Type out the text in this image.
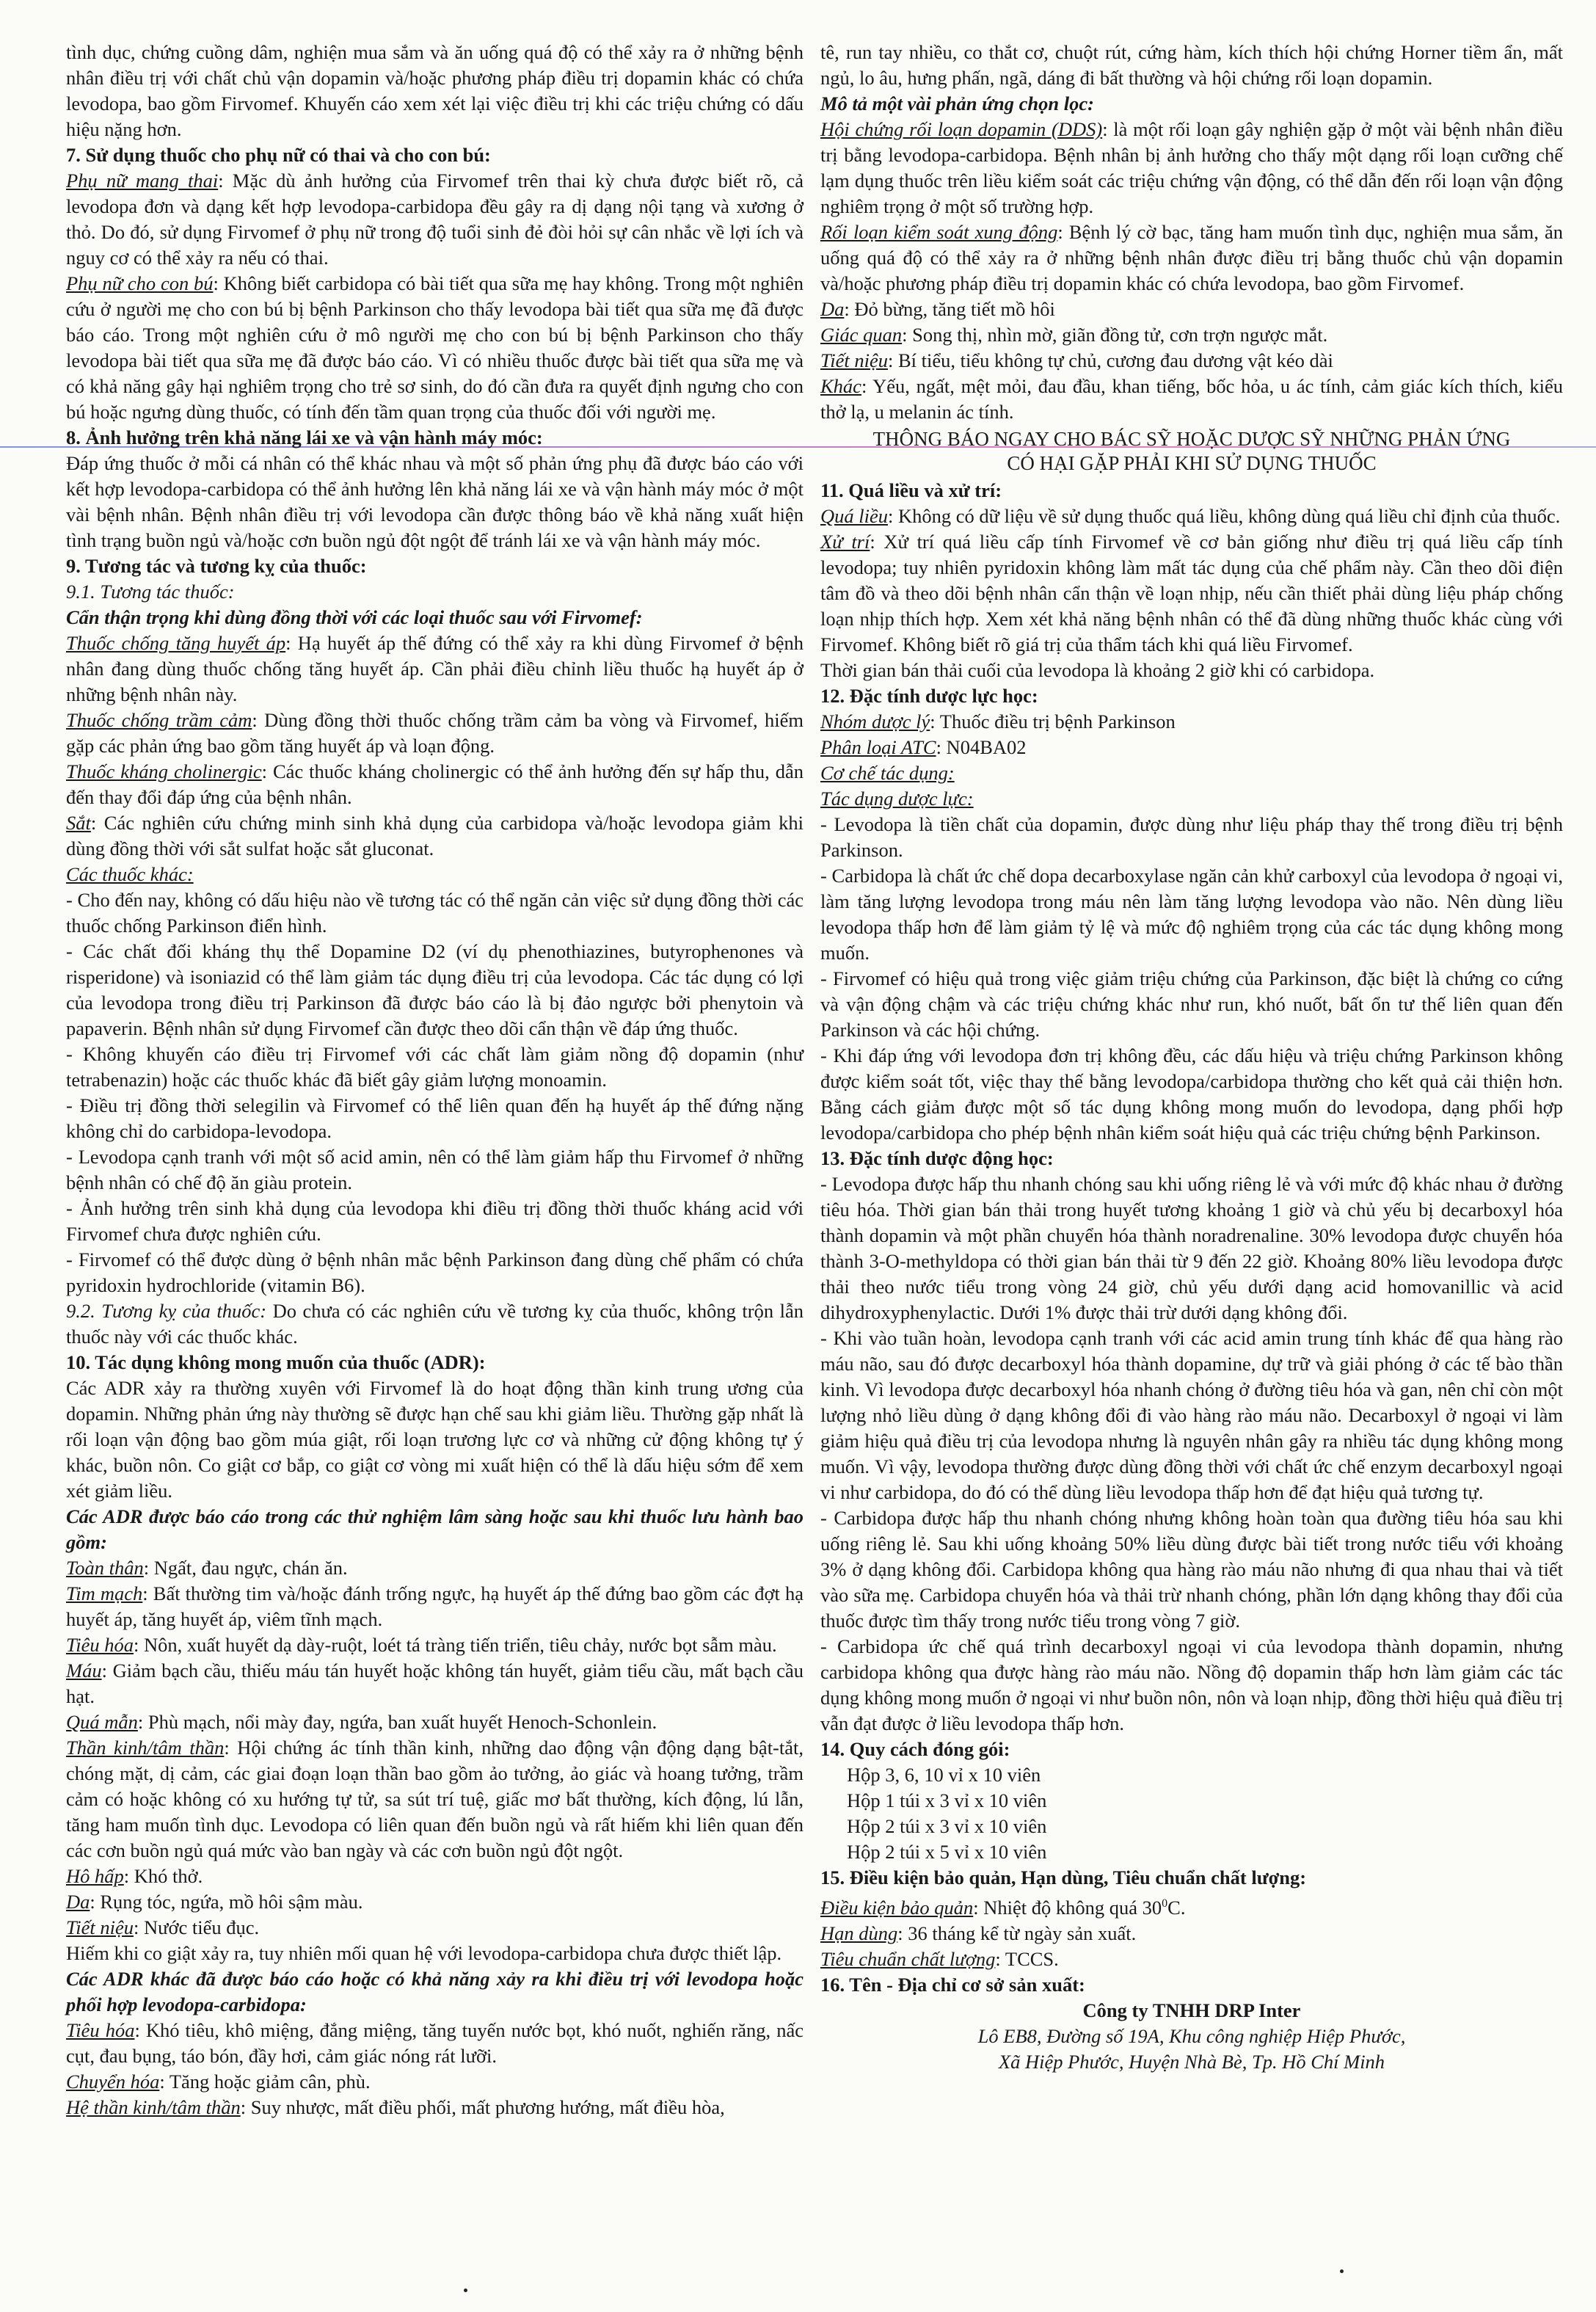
tình dục, chứng cuồng dâm, nghiện mua sắm và ăn uống quá độ có thể xảy ra ở những bệnh nhân điều trị với chất chủ vận dopamin và/hoặc phương pháp điều trị dopamin khác có chứa levodopa, bao gồm Firvomef. Khuyến cáo xem xét lại việc điều trị khi các triệu chứng có dấu hiệu nặng hơn.

7. Sử dụng thuốc cho phụ nữ có thai và cho con bú:

Phụ nữ mang thai: Mặc dù ảnh hưởng của Firvomef trên thai kỳ chưa được biết rõ, cả levodopa đơn và dạng kết hợp levodopa-carbidopa đều gây ra dị dạng nội tạng và xương ở thỏ. Do đó, sử dụng Firvomef ở phụ nữ trong độ tuổi sinh đẻ đòi hỏi sự cân nhắc về lợi ích và nguy cơ có thể xảy ra nếu có thai.

Phụ nữ cho con bú: Không biết carbidopa có bài tiết qua sữa mẹ hay không. Trong một nghiên cứu ở người mẹ cho con bú bị bệnh Parkinson cho thấy levodopa bài tiết qua sữa mẹ đã được báo cáo. Trong một nghiên cứu ở mô người mẹ cho con bú bị bệnh Parkinson cho thấy levodopa bài tiết qua sữa mẹ đã được báo cáo. Vì có nhiều thuốc được bài tiết qua sữa mẹ và có khả năng gây hại nghiêm trọng cho trẻ sơ sinh, do đó cần đưa ra quyết định ngưng cho con bú hoặc ngưng dùng thuốc, có tính đến tầm quan trọng của thuốc đối với người mẹ.

8. Ảnh hưởng trên khả năng lái xe và vận hành máy móc:

Đáp ứng thuốc ở mỗi cá nhân có thể khác nhau và một số phản ứng phụ đã được báo cáo với kết hợp levodopa-carbidopa có thể ảnh hưởng lên khả năng lái xe và vận hành máy móc ở một vài bệnh nhân. Bệnh nhân điều trị với levodopa cần được thông báo về khả năng xuất hiện tình trạng buồn ngủ và/hoặc cơn buồn ngủ đột ngột để tránh lái xe và vận hành máy móc.

9. Tương tác và tương kỵ của thuốc:

9.1. Tương tác thuốc:

Cẩn thận trọng khi dùng đồng thời với các loại thuốc sau với Firvomef:

Thuốc chống tăng huyết áp: Hạ huyết áp thế đứng có thể xảy ra khi dùng Firvomef ở bệnh nhân đang dùng thuốc chống tăng huyết áp. Cần phải điều chỉnh liều thuốc hạ huyết áp ở những bệnh nhân này.

Thuốc chống trầm cảm: Dùng đồng thời thuốc chống trầm cảm ba vòng và Firvomef, hiếm gặp các phản ứng bao gồm tăng huyết áp và loạn động.

Thuốc kháng cholinergic: Các thuốc kháng cholinergic có thể ảnh hưởng đến sự hấp thu, dẫn đến thay đổi đáp ứng của bệnh nhân.

Sắt: Các nghiên cứu chứng minh sinh khả dụng của carbidopa và/hoặc levodopa giảm khi dùng đồng thời với sắt sulfat hoặc sắt gluconat.

Các thuốc khác:

- Cho đến nay, không có dấu hiệu nào về tương tác có thể ngăn cản việc sử dụng đồng thời các thuốc chống Parkinson điển hình.

- Các chất đối kháng thụ thể Dopamine D2 (ví dụ phenothiazines, butyrophenones và risperidone) và isoniazid có thể làm giảm tác dụng điều trị của levodopa. Các tác dụng có lợi của levodopa trong điều trị Parkinson đã được báo cáo là bị đảo ngược bởi phenytoin và papaverin. Bệnh nhân sử dụng Firvomef cần được theo dõi cẩn thận về đáp ứng thuốc.

- Không khuyến cáo điều trị Firvomef với các chất làm giảm nồng độ dopamin (như tetrabenazin) hoặc các thuốc khác đã biết gây giảm lượng monoamin.

- Điều trị đồng thời selegilin và Firvomef có thể liên quan đến hạ huyết áp thế đứng nặng không chỉ do carbidopa-levodopa.

- Levodopa cạnh tranh với một số acid amin, nên có thể làm giảm hấp thu Firvomef ở những bệnh nhân có chế độ ăn giàu protein.

- Ảnh hưởng trên sinh khả dụng của levodopa khi điều trị đồng thời thuốc kháng acid với Firvomef chưa được nghiên cứu.

- Firvomef có thể được dùng ở bệnh nhân mắc bệnh Parkinson đang dùng chế phẩm có chứa pyridoxin hydrochloride (vitamin B6).

9.2. Tương kỵ của thuốc: Do chưa có các nghiên cứu về tương kỵ của thuốc, không trộn lẫn thuốc này với các thuốc khác.

10. Tác dụng không mong muốn của thuốc (ADR):

Các ADR xảy ra thường xuyên với Firvomef là do hoạt động thần kinh trung ương của dopamin. Những phản ứng này thường sẽ được hạn chế sau khi giảm liều. Thường gặp nhất là rối loạn vận động bao gồm múa giật, rối loạn trương lực cơ và những cử động không tự ý khác, buồn nôn. Co giật cơ bắp, co giật cơ vòng mi xuất hiện có thể là dấu hiệu sớm để xem xét giảm liều.

Các ADR được báo cáo trong các thử nghiệm lâm sàng hoặc sau khi thuốc lưu hành bao gồm:

Toàn thân: Ngất, đau ngực, chán ăn.

Tim mạch: Bất thường tim và/hoặc đánh trống ngực, hạ huyết áp thế đứng bao gồm các đợt hạ huyết áp, tăng huyết áp, viêm tĩnh mạch.

Tiêu hóa: Nôn, xuất huyết dạ dày-ruột, loét tá tràng tiến triển, tiêu chảy, nước bọt sẫm màu.

Máu: Giảm bạch cầu, thiếu máu tán huyết hoặc không tán huyết, giảm tiểu cầu, mất bạch cầu hạt.

Quá mẫn: Phù mạch, nổi mày đay, ngứa, ban xuất huyết Henoch-Schonlein.

Thần kinh/tâm thần: Hội chứng ác tính thần kinh, những dao động vận động dạng bật-tắt, chóng mặt, dị cảm, các giai đoạn loạn thần bao gồm ảo tưởng, ảo giác và hoang tưởng, trầm cảm có hoặc không có xu hướng tự tử, sa sút trí tuệ, giấc mơ bất thường, kích động, lú lẫn, tăng ham muốn tình dục. Levodopa có liên quan đến buồn ngủ và rất hiếm khi liên quan đến các cơn buồn ngủ quá mức vào ban ngày và các cơn buồn ngủ đột ngột.

Hô hấp: Khó thở.

Da: Rụng tóc, ngứa, mồ hôi sậm màu.

Tiết niệu: Nước tiểu đục.

Hiếm khi co giật xảy ra, tuy nhiên mối quan hệ với levodopa-carbidopa chưa được thiết lập.

Các ADR khác đã được báo cáo hoặc có khả năng xảy ra khi điều trị với levodopa hoặc phối hợp levodopa-carbidopa:

Tiêu hóa: Khó tiêu, khô miệng, đắng miệng, tăng tuyến nước bọt, khó nuốt, nghiến răng, nấc cụt, đau bụng, táo bón, đầy hơi, cảm giác nóng rát lưỡi.

Chuyển hóa: Tăng hoặc giảm cân, phù.

Hệ thần kinh/tâm thần: Suy nhược, mất điều phối, mất phương hướng, mất điều hòa,

tê, run tay nhiều, co thắt cơ, chuột rút, cứng hàm, kích thích hội chứng Horner tiềm ẩn, mất ngủ, lo âu, hưng phấn, ngã, dáng đi bất thường và hội chứng rối loạn dopamin.

Mô tả một vài phản ứng chọn lọc:

Hội chứng rối loạn dopamin (DDS): là một rối loạn gây nghiện gặp ở một vài bệnh nhân điều trị bằng levodopa-carbidopa. Bệnh nhân bị ảnh hưởng cho thấy một dạng rối loạn cưỡng chế lạm dụng thuốc trên liều kiểm soát các triệu chứng vận động, có thể dẫn đến rối loạn vận động nghiêm trọng ở một số trường hợp.

Rối loạn kiểm soát xung động: Bệnh lý cờ bạc, tăng ham muốn tình dục, nghiện mua sắm, ăn uống quá độ có thể xảy ra ở những bệnh nhân được điều trị bằng thuốc chủ vận dopamin và/hoặc phương pháp điều trị dopamin khác có chứa levodopa, bao gồm Firvomef.

Da: Đỏ bừng, tăng tiết mồ hôi

Giác quan: Song thị, nhìn mờ, giãn đồng tử, cơn trợn ngược mắt.

Tiết niệu: Bí tiểu, tiểu không tự chủ, cương đau dương vật kéo dài

Khác: Yếu, ngất, mệt mỏi, đau đầu, khan tiếng, bốc hỏa, u ác tính, cảm giác kích thích, kiểu thở lạ, u melanin ác tính.

THÔNG BÁO NGAY CHO BÁC SỸ HOẶC DƯỢC SỸ NHỮNG PHẢN ỨNG

CÓ HẠI GẶP PHẢI KHI SỬ DỤNG THUỐC

11. Quá liều và xử trí:

Quá liều: Không có dữ liệu về sử dụng thuốc quá liều, không dùng quá liều chỉ định của thuốc.

Xử trí: Xử trí quá liều cấp tính Firvomef về cơ bản giống như điều trị quá liều cấp tính levodopa; tuy nhiên pyridoxin không làm mất tác dụng của chế phẩm này. Cần theo dõi điện tâm đồ và theo dõi bệnh nhân cẩn thận về loạn nhịp, nếu cần thiết phải dùng liệu pháp chống loạn nhịp thích hợp. Xem xét khả năng bệnh nhân có thể đã dùng những thuốc khác cùng với Firvomef. Không biết rõ giá trị của thẩm tách khi quá liều Firvomef.

Thời gian bán thải cuối của levodopa là khoảng 2 giờ khi có carbidopa.

12. Đặc tính dược lực học:

Nhóm dược lý: Thuốc điều trị bệnh Parkinson

Phân loại ATC: N04BA02

Cơ chế tác dụng:

Tác dụng dược lực:

- Levodopa là tiền chất của dopamin, được dùng như liệu pháp thay thế trong điều trị bệnh Parkinson.

- Carbidopa là chất ức chế dopa decarboxylase ngăn cản khử carboxyl của levodopa ở ngoại vi, làm tăng lượng levodopa trong máu nên làm tăng lượng levodopa vào não. Nên dùng liều levodopa thấp hơn để làm giảm tỷ lệ và mức độ nghiêm trọng của các tác dụng không mong muốn.

- Firvomef có hiệu quả trong việc giảm triệu chứng của Parkinson, đặc biệt là chứng co cứng và vận động chậm và các triệu chứng khác như run, khó nuốt, bất ổn tư thế liên quan đến Parkinson và các hội chứng.

- Khi đáp ứng với levodopa đơn trị không đều, các dấu hiệu và triệu chứng Parkinson không được kiểm soát tốt, việc thay thế bằng levodopa/carbidopa thường cho kết quả cải thiện hơn. Bằng cách giảm được một số tác dụng không mong muốn do levodopa, dạng phối hợp levodopa/carbidopa cho phép bệnh nhân kiểm soát hiệu quả các triệu chứng bệnh Parkinson.

13. Đặc tính dược động học:

- Levodopa được hấp thu nhanh chóng sau khi uống riêng lẻ và với mức độ khác nhau ở đường tiêu hóa. Thời gian bán thải trong huyết tương khoảng 1 giờ và chủ yếu bị decarboxyl hóa thành dopamin và một phần chuyển hóa thành noradrenaline. 30% levodopa được chuyển hóa thành 3-O-methyldopa có thời gian bán thải từ 9 đến 22 giờ. Khoảng 80% liều levodopa được thải theo nước tiểu trong vòng 24 giờ, chủ yếu dưới dạng acid homovanillic và acid dihydroxyphenylactic. Dưới 1% được thải trừ dưới dạng không đổi.

- Khi vào tuần hoàn, levodopa cạnh tranh với các acid amin trung tính khác để qua hàng rào máu não, sau đó được decarboxyl hóa thành dopamine, dự trữ và giải phóng ở các tế bào thần kinh. Vì levodopa được decarboxyl hóa nhanh chóng ở đường tiêu hóa và gan, nên chỉ còn một lượng nhỏ liều dùng ở dạng không đổi đi vào hàng rào máu não. Decarboxyl ở ngoại vi làm giảm hiệu quả điều trị của levodopa nhưng là nguyên nhân gây ra nhiều tác dụng không mong muốn. Vì vậy, levodopa thường được dùng đồng thời với chất ức chế enzym decarboxyl ngoại vi như carbidopa, do đó có thể dùng liều levodopa thấp hơn để đạt hiệu quả tương tự.

- Carbidopa được hấp thu nhanh chóng nhưng không hoàn toàn qua đường tiêu hóa sau khi uống riêng lẻ. Sau khi uống khoảng 50% liều dùng được bài tiết trong nước tiểu với khoảng 3% ở dạng không đổi. Carbidopa không qua hàng rào máu não nhưng đi qua nhau thai và tiết vào sữa mẹ. Carbidopa chuyển hóa và thải trừ nhanh chóng, phần lớn dạng không thay đổi của thuốc được tìm thấy trong nước tiểu trong vòng 7 giờ.

- Carbidopa ức chế quá trình decarboxyl ngoại vi của levodopa thành dopamin, nhưng carbidopa không qua được hàng rào máu não. Nồng độ dopamin thấp hơn làm giảm các tác dụng không mong muốn ở ngoại vi như buồn nôn, nôn và loạn nhịp, đồng thời hiệu quả điều trị vẫn đạt được ở liều levodopa thấp hơn.

14. Quy cách đóng gói:

Hộp 3, 6, 10 vỉ x 10 viên

Hộp 1 túi x 3 vỉ x 10 viên

Hộp 2 túi x 3 vỉ x 10 viên

Hộp 2 túi x 5 vỉ x 10 viên

15. Điều kiện bảo quản, Hạn dùng, Tiêu chuẩn chất lượng:

Điều kiện bảo quản: Nhiệt độ không quá $30^0C$.

Hạn dùng: 36 tháng kể từ ngày sản xuất.

Tiêu chuẩn chất lượng: TCCS.

16. Tên - Địa chỉ cơ sở sản xuất:

Công ty TNHH DRP Inter

Lô EB8, Đường số 19A, Khu công nghiệp Hiệp Phước,

Xã Hiệp Phước, Huyện Nhà Bè, Tp. Hồ Chí Minh
